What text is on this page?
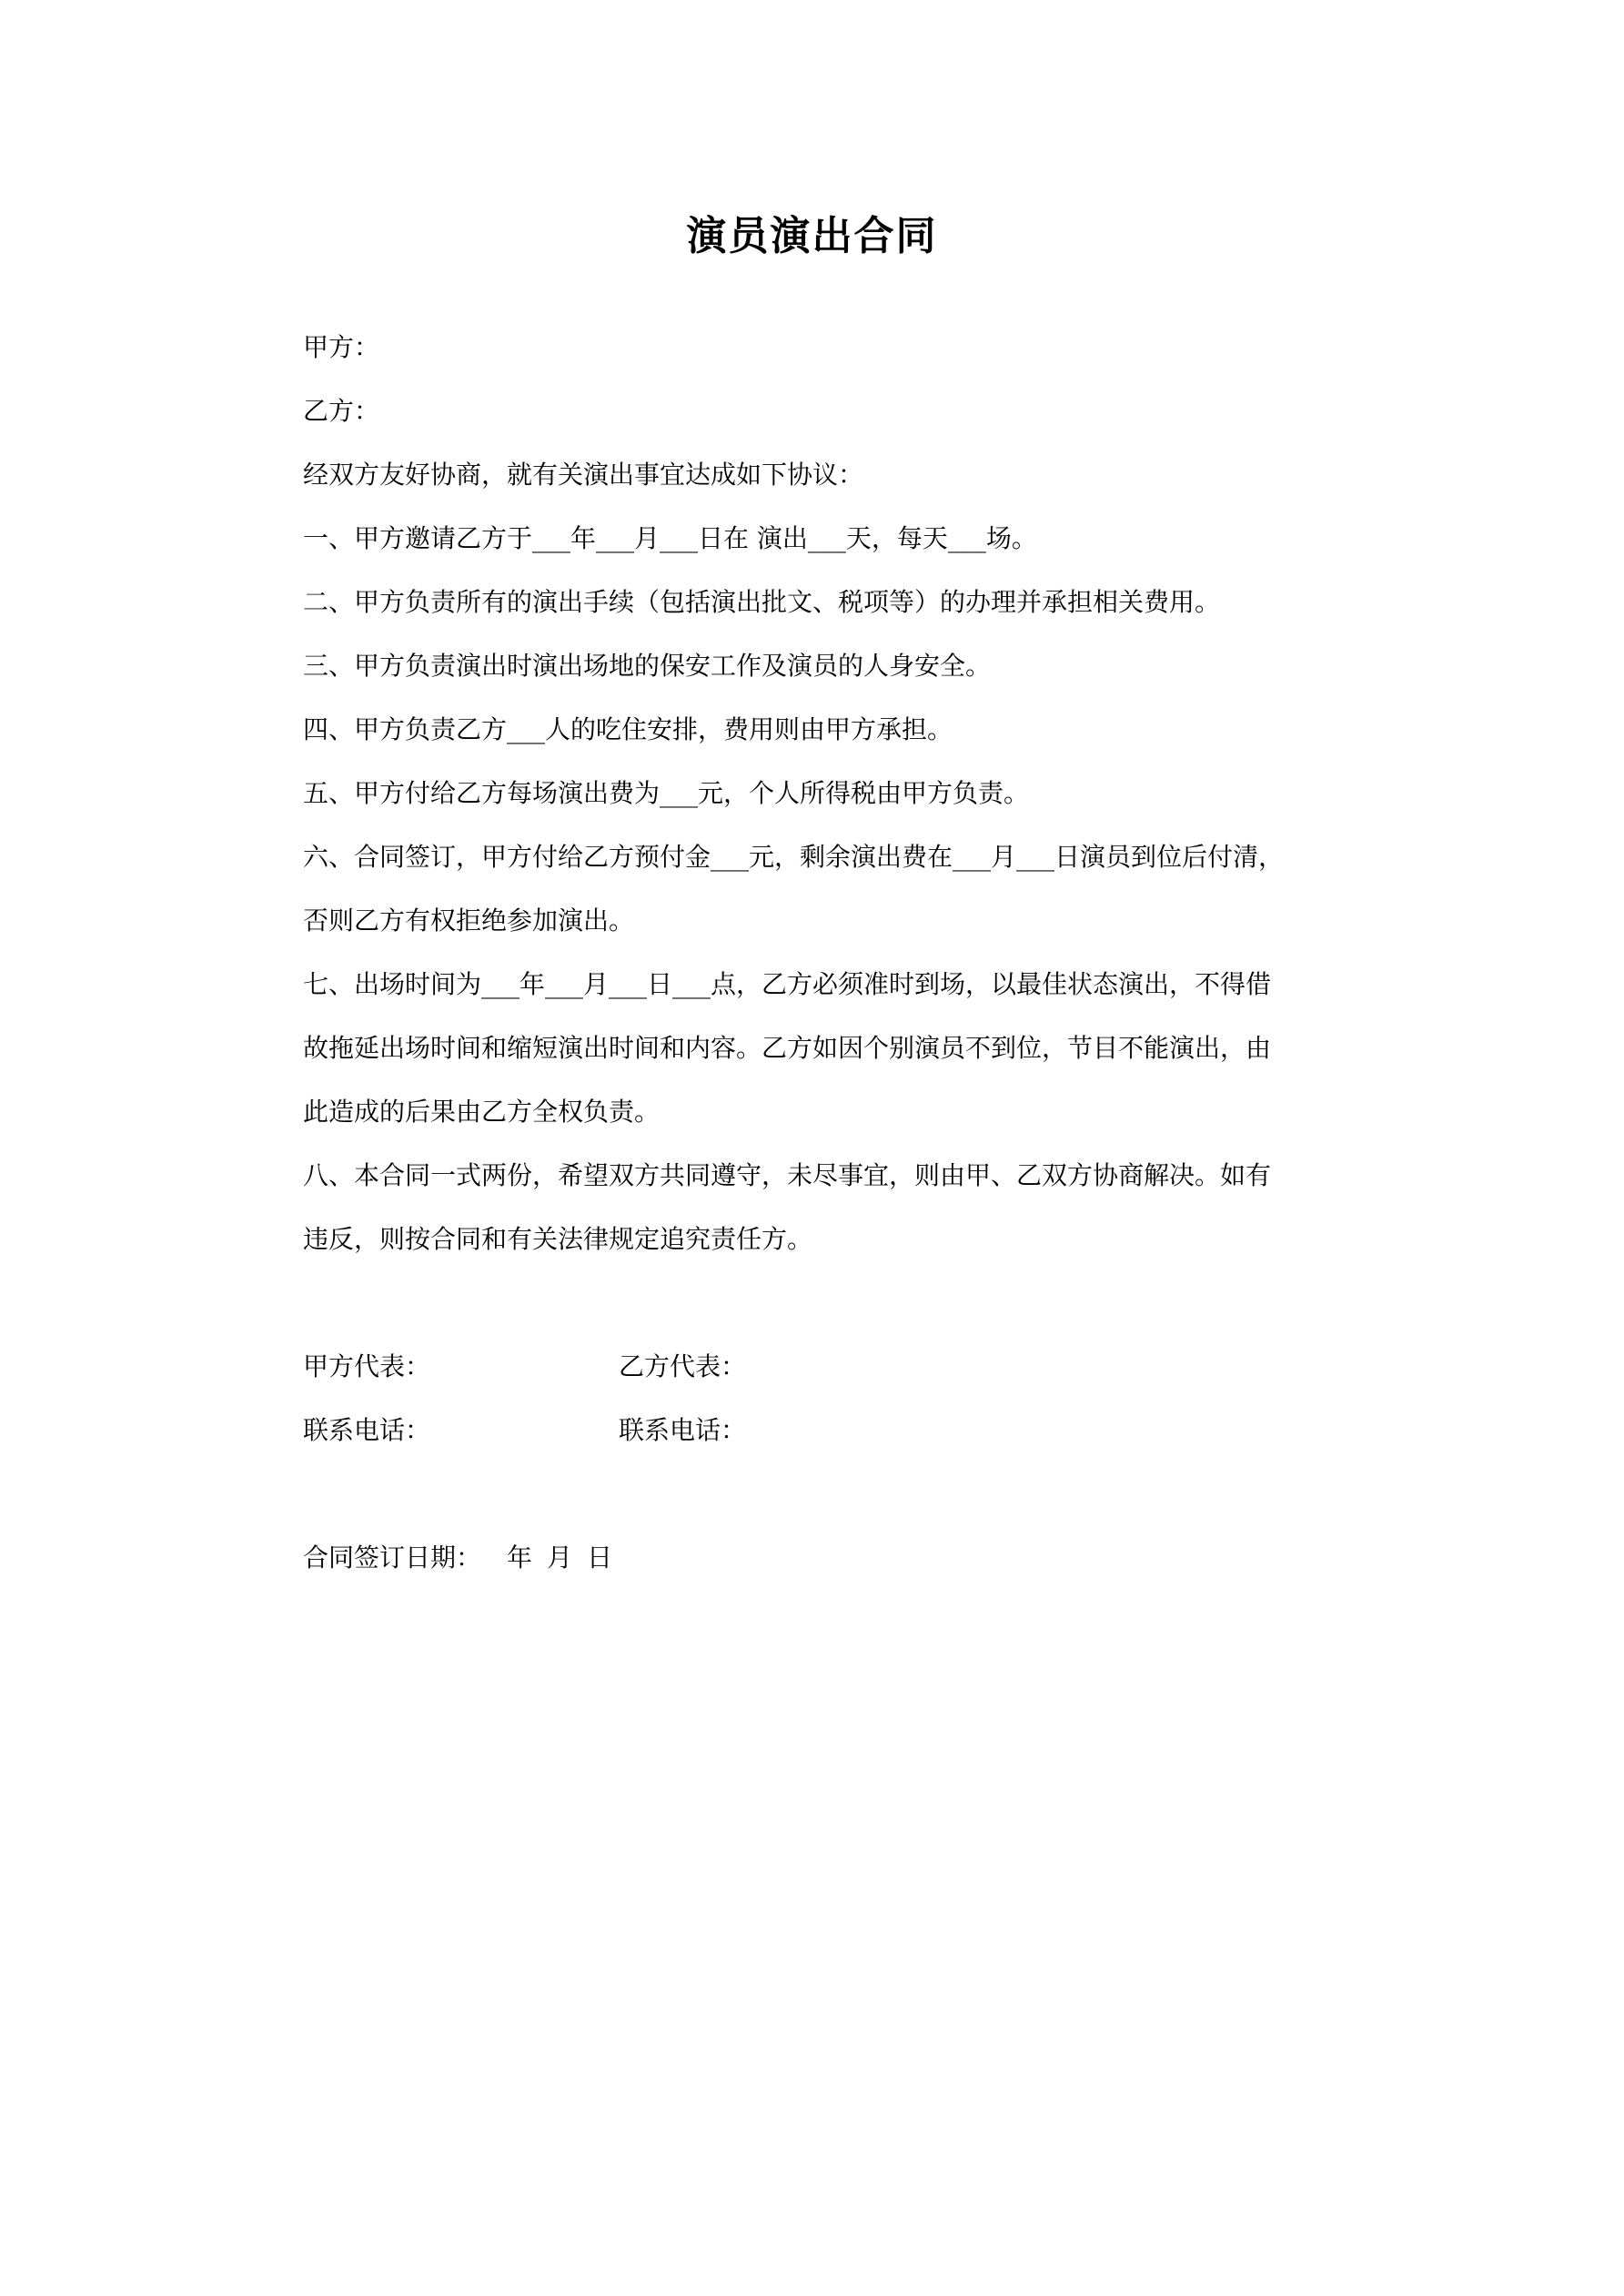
演员演出合同
甲方：
乙方：
经双方友好协商，就有关演出事宜达成如下协议：
一、甲方邀请乙方于___年___月___日在 演出___天，每天___场。
二、甲方负责所有的演出手续（包括演出批文、税项等）的办理并承担相关费用。
三、甲方负责演出时演出场地的保安工作及演员的人身安全。
四、甲方负责乙方___人的吃住安排，费用则由甲方承担。
五、甲方付给乙方每场演出费为___元，个人所得税由甲方负责。
六、合同签订，甲方付给乙方预付金___元，剩余演出费在___月___日演员到位后付清，
否则乙方有权拒绝参加演出。
七、出场时间为___年___月___日___点，乙方必须准时到场，以最佳状态演出，不得借
故拖延出场时间和缩短演出时间和内容。乙方如因个别演员不到位，节目不能演出，由
此造成的后果由乙方全权负责。
八、本合同一式两份，希望双方共同遵守，未尽事宜，则由甲、乙双方协商解决。如有
违反，则按合同和有关法律规定追究责任方。
甲方代表：	乙方代表：
联系电话：	联系电话：
合同签订日期： 年 月 日
